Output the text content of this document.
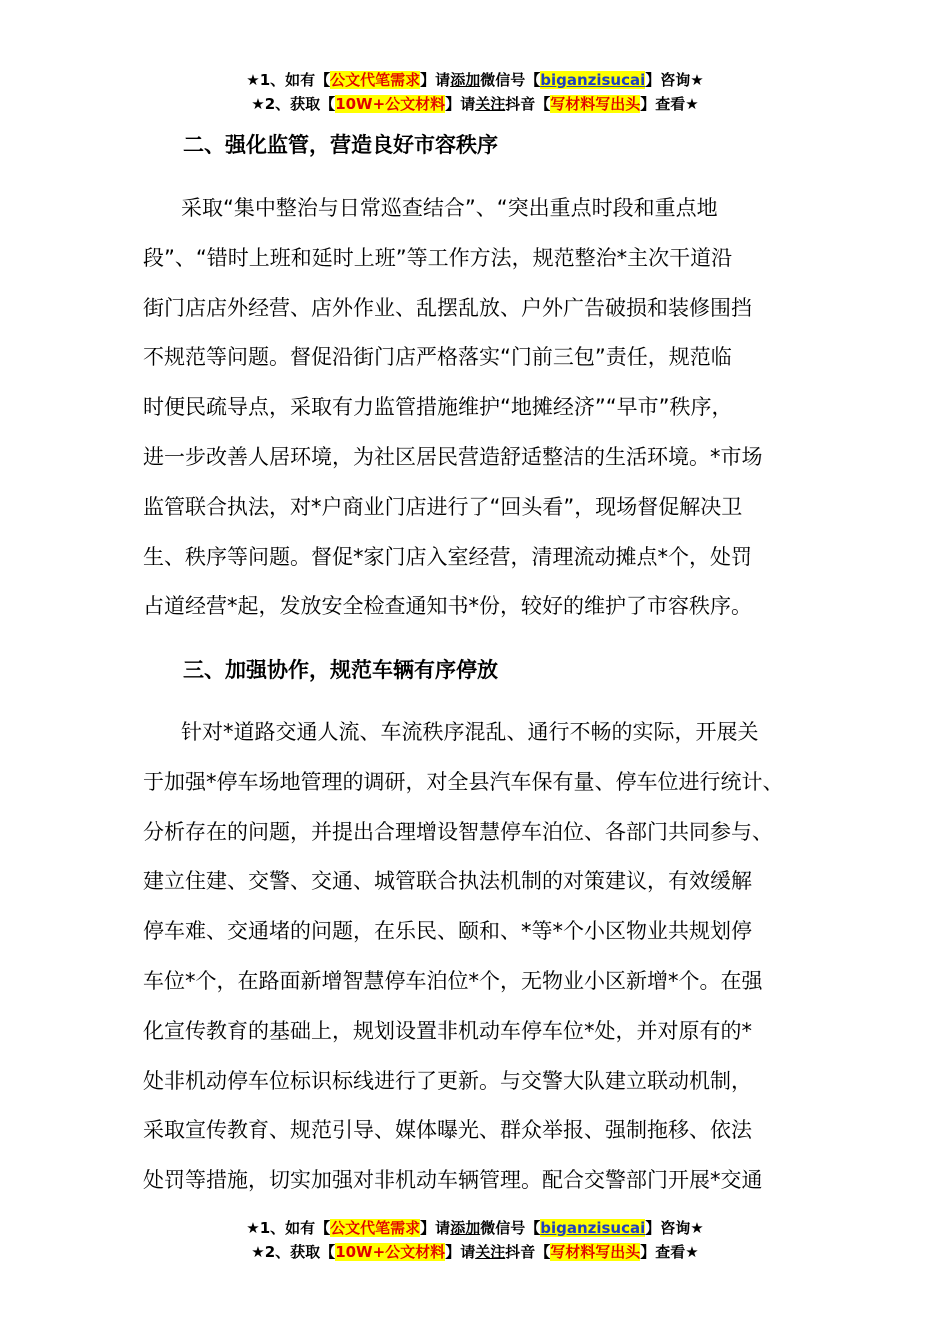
★1、如有【公文代笔需求】请添加微信号【biganzisucai】咨询★
★2、获取【10W+公文材料】请关注抖音【写材料写出头】查看★
二、强化监管，营造良好市容秩序
采取“集中整治与日常巡查结合”、“突出重点时段和重点地
段”、“错时上班和延时上班”等工作方法，规范整治*主次干道沿
街门店店外经营、店外作业、乱摆乱放、户外广告破损和装修围挡
不规范等问题。督促沿街门店严格落实“门前三包”责任，规范临
时便民疏导点，采取有力监管措施维护“地摊经济”“早市”秩序，
进一步改善人居环境，为社区居民营造舒适整洁的生活环境。*市场
监管联合执法，对*户商业门店进行了“回头看”，现场督促解决卫
生、秩序等问题。督促*家门店入室经营，清理流动摊点*个，处罚
占道经营*起，发放安全检查通知书*份，较好的维护了市容秩序。
三、加强协作，规范车辆有序停放
针对*道路交通人流、车流秩序混乱、通行不畅的实际，开展关
于加强*停车场地管理的调研，对全县汽车保有量、停车位进行统计、
分析存在的问题，并提出合理增设智慧停车泊位、各部门共同参与、
建立住建、交警、交通、城管联合执法机制的对策建议，有效缓解
停车难、交通堵的问题，在乐民、颐和、*等*个小区物业共规划停
车位*个，在路面新增智慧停车泊位*个，无物业小区新增*个。在强
化宣传教育的基础上，规划设置非机动车停车位*处，并对原有的*
处非机动停车位标识标线进行了更新。与交警大队建立联动机制，
采取宣传教育、规范引导、媒体曝光、群众举报、强制拖移、依法
处罚等措施，切实加强对非机动车辆管理。配合交警部门开展*交通
★1、如有【公文代笔需求】请添加微信号【biganzisucai】咨询★
★2、获取【10W+公文材料】请关注抖音【写材料写出头】查看★
